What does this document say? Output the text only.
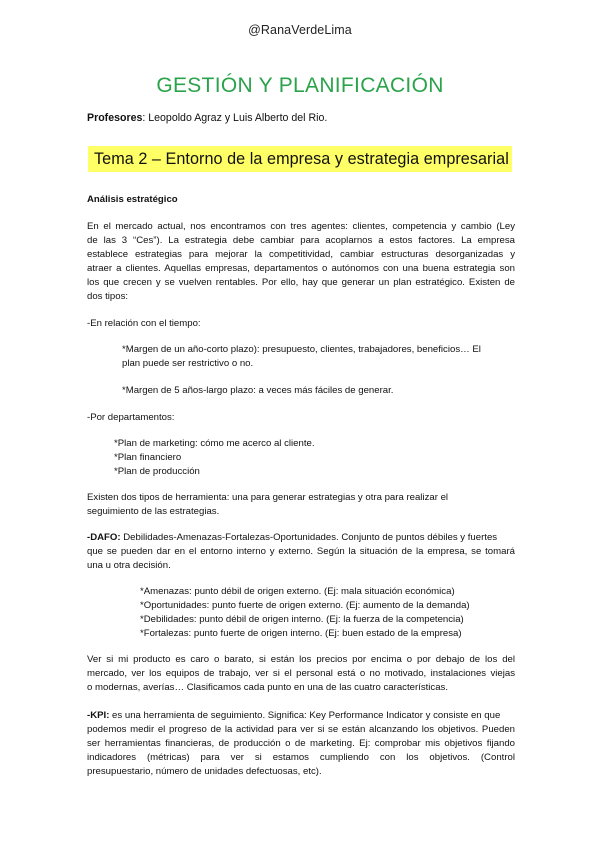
@RanaVerdeLima
GESTIÓN Y PLANIFICACIÓN
Profesores: Leopoldo Agraz y Luis Alberto del Rio.
Tema 2 – Entorno de la empresa y estrategia empresarial
Análisis estratégico
En el mercado actual, nos encontramos con tres agentes: clientes, competencia y cambio (Ley
de las 3 “Ces”). La estrategia debe cambiar para acoplarnos a estos factores. La empresa
establece estrategias para mejorar la competitividad, cambiar estructuras desorganizadas y
atraer a clientes. Aquellas empresas, departamentos o autónomos con una buena estrategia son
los que crecen y se vuelven rentables. Por ello, hay que generar un plan estratégico. Existen de
dos tipos:
-En relación con el tiempo:
*Margen de un año-corto plazo): presupuesto, clientes, trabajadores, beneficios… El
plan puede ser restrictivo o no.
*Margen de 5 años-largo plazo: a veces más fáciles de generar.
-Por departamentos:
*Plan de marketing: cómo me acerco al cliente.
*Plan financiero
*Plan de producción
Existen dos tipos de herramienta: una para generar estrategias y otra para realizar el
seguimiento de las estrategias.
-DAFO: Debilidades-Amenazas-Fortalezas-Oportunidades. Conjunto de puntos débiles y fuertes
que se pueden dar en el entorno interno y externo. Según la situación de la empresa, se tomará
una u otra decisión.
*Amenazas: punto débil de origen externo. (Ej: mala situación económica)
*Oportunidades: punto fuerte de origen externo. (Ej: aumento de la demanda)
*Debilidades: punto débil de origen interno. (Ej: la fuerza de la competencia)
*Fortalezas: punto fuerte de origen interno. (Ej: buen estado de la empresa)
Ver si mi producto es caro o barato, si están los precios por encima o por debajo de los del
mercado, ver los equipos de trabajo, ver si el personal está o no motivado, instalaciones viejas
o modernas, averías… Clasificamos cada punto en una de las cuatro características.
-KPI: es una herramienta de seguimiento. Significa: Key Performance Indicator y consiste en que
podemos medir el progreso de la actividad para ver si se están alcanzando los objetivos. Pueden
ser herramientas financieras, de producción o de marketing. Ej: comprobar mis objetivos fijando
indicadores (métricas) para ver si estamos cumpliendo con los objetivos. (Control
presupuestario, número de unidades defectuosas, etc).
